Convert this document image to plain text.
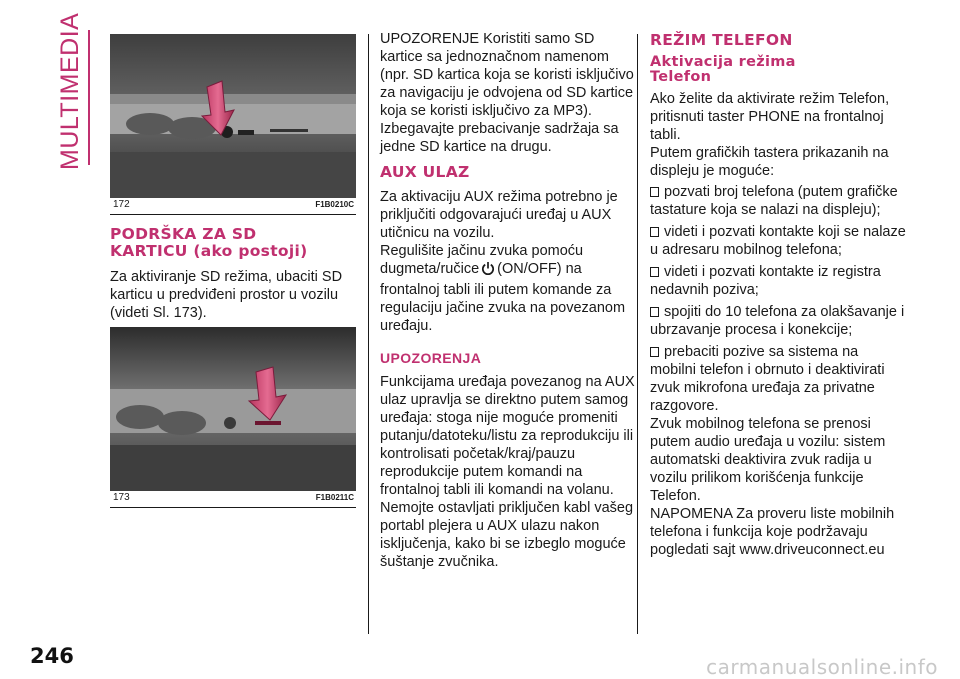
MULTIMEDIA
172	F1B0210C
PODRŠKA ZA SD
KARTICU (ako postoji)

Za aktiviranje SD režima, ubaciti SD
karticu u predviđeni prostor u vozilu
(videti Sl. 173).

173	F1B0211C

UPOZORENJE Koristiti samo SD
kartice sa jednoznačnom namenom
(npr. SD kartica koja se koristi isključivo
za navigaciju je odvojena od SD kartice
koja se koristi isključivo za MP3).
Izbegavajte prebacivanje sadržaja sa
jedne SD kartice na drugu.

AUX ULAZ

Za aktivaciju AUX režima potrebno je
priključiti odgovarajući uređaj u AUX
utičnicu na vozilu.
Regulišite jačinu zvuka pomoću
dugmeta/ručice (ON/OFF) na
frontalnoj tabli ili putem komande za
regulaciju jačine zvuka na povezanom
uređaju.

UPOZORENJA

Funkcijama uređaja povezanog na AUX
ulaz upravlja se direktno putem samog
uređaja: stoga nije moguće promeniti
putanju/datoteku/listu za reprodukciju ili
kontrolisati početak/kraj/pauzu
reprodukcije putem komandi na
frontalnoj tabli ili komandi na volanu.
Nemojte ostavljati priključen kabl vašeg
portabl plejera u AUX ulazu nakon
isključenja, kako bi se izbeglo moguće
šuštanje zvučnika.

REŽIM TELEFON
Aktivacija režima
Telefon

Ako želite da aktivirate režim Telefon,
pritisnuti taster PHONE na frontalnoj
tabli.
Putem grafičkih tastera prikazanih na
displeju je moguće:

pozvati broj telefona (putem grafičke
tastature koja se nalazi na displeju);

videti i pozvati kontakte koji se nalaze
u adresaru mobilnog telefona;

videti i pozvati kontakte iz registra
nedavnih poziva;

spojiti do 10 telefona za olakšavanje i
ubrzavanje procesa i konekcije;

prebaciti pozive sa sistema na
mobilni telefon i obrnuto i deaktivirati
zvuk mikrofona uređaja za privatne
razgovore.

Zvuk mobilnog telefona se prenosi
putem audio uređaja u vozilu: sistem
automatski deaktivira zvuk radija u
vozilu prilikom korišćenja funkcije
Telefon.
NAPOMENA Za proveru liste mobilnih
telefona i funkcija koje podržavaju
pogledati sajt www.driveuconnect.eu

246	carmanualsonline.info
